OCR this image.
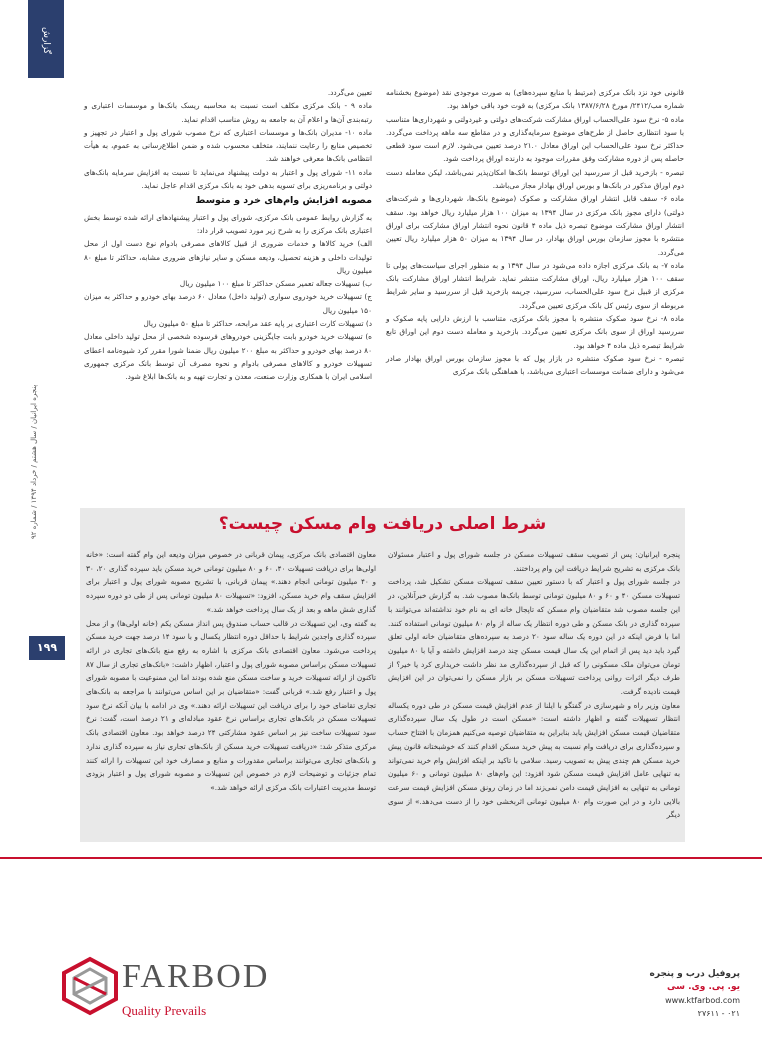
گزارش
پنجره ایرانیان / سال هشتم / خرداد ۱۳۹۴ / شماره ۹۲
۱۹۹

قانونی خود نزد بانک مرکزی (مرتبط با منابع سپرده‌های) به صورت موجودی نقد (موضوع بخشنامه شماره مب/۲۴۱۲/ مورخ ۱۳۸۷/۶/۲۸ بانک مرکزی) به قوت خود باقی خواهد بود.

ماده ۵- نرخ سود علی‌الحساب اوراق مشارکت شرکت‌های دولتی و غیردولتی و شهرداری‌ها متناسب با سود انتظاری حاصل از طرح‌های موضوع سرمایه‌گذاری و در مقاطع سه ماهه پرداخت می‌گردد. حداکثر نرخ سود علی‌الحساب این اوراق معادل ۲۱.۰ درصد تعیین می‌شود. لازم است سود قطعی حاصله پس از دوره مشارکت وفق مقررات موجود به دارنده اوراق پرداخت شود.

تبصره - بازخرید قبل از سررسید این اوراق توسط بانک‌ها امکان‌پذیر نمی‌باشد، لیکن معامله دست دوم اوراق مذکور در بانک‌ها و بورس اوراق بهادار مجاز می‌باشد.

ماده ۶- سقف قابل انتشار اوراق مشارکت و صکوک (موضوع بانک‌ها، شهرداری‌ها و شرکت‌های دولتی) دارای مجوز بانک مرکزی در سال ۱۳۹۴ به میزان ۱۰۰ هزار میلیارد ریال خواهد بود. سقف انتشار اوراق مشارکت موضوع تبصره ذیل ماده ۴ قانون نحوه انتشار اوراق مشارکت برای اوراق منتشره با مجوز سازمان بورس اوراق بهادار، در سال ۱۳۹۴ به میزان ۵۰ هزار میلیارد ریال تعیین می‌گردد.

ماده ۷- به بانک مرکزی اجازه داده می‌شود در سال ۱۳۹۴ و به منظور اجرای سیاست‌های پولی تا سقف ۱۰۰ هزار میلیارد ریال، اوراق مشارکت منتشر نماید. شرایط انتشار اوراق مشارکت بانک مرکزی از قبیل نرخ سود علی‌الحساب، سررسید، جریمه بازخرید قبل از سررسید و سایر شرایط مربوطه از سوی رئیس کل بانک مرکزی تعیین می‌گردد.

ماده ۸- نرخ سود صکوک منتشره با مجوز بانک مرکزی، متناسب با ارزش دارایی پایه صکوک و سررسید اوراق از سوی بانک مرکزی تعیین می‌گردد. بازخرید و معامله دست دوم این اوراق تابع شرایط تبصره ذیل ماده ۴ خواهد بود.

تبصره - نرخ سود صکوک منتشره در بازار پول که با مجوز سازمان بورس اوراق بهادار صادر می‌شود و دارای ضمانت موسسات اعتباری می‌باشد، با هماهنگی بانک مرکزی

تعیین می‌گردد.

ماده ۹ - بانک مرکزی مکلف است نسبت به محاسبه ریسک بانک‌ها و موسسات اعتباری و رتبه‌بندی آن‌ها و اعلام آن به جامعه به روش مناسب اقدام نماید.

ماده ۱۰- مدیران بانک‌ها و موسسات اعتباری که نرخ مصوب شورای پول و اعتبار در تجهیز و تخصیص منابع را رعایت ننمایند، متخلف محسوب شده و ضمن اطلاع‌رسانی به عموم، به هیأت انتظامی بانک‌ها معرفی خواهند شد.

ماده ۱۱- شورای پول و اعتبار به دولت پیشنهاد می‌نماید تا نسبت به افزایش سرمایه بانک‌های دولتی و برنامه‌ریزی برای تسویه بدهی خود به بانک مرکزی اقدام عاجل نماید.

مصوبه افزایش وام‌های خرد و متوسط

به گزارش روابط عمومی بانک مرکزی، شورای پول و اعتبار پیشنهادهای ارائه شده توسط بخش اعتباری بانک مرکزی را به شرح زیر مورد تصویب قرار داد:

الف) خرید کالاها و خدمات ضروری از قبیل کالاهای مصرفی بادوام نوع دست اول از محل تولیدات داخلی و هزینه تحصیل، ودیعه مسکن و سایر نیازهای ضروری مشابه، حداکثر تا مبلغ ۸۰ میلیون ریال

ب) تسهیلات جعاله تعمیر مسکن حداکثر تا مبلغ ۱۰۰ میلیون ریال

ج) تسهیلات خرید خودروی سواری (تولید داخل) معادل ۶۰ درصد بهای خودرو و حداکثر به میزان ۱۵۰ میلیون ریال

د) تسهیلات کارت اعتباری بر پایه عقد مرابحه، حداکثر تا مبلغ ۵۰ میلیون ریال

ه) تسهیلات خرید خودرو بابت جایگزینی خودروهای فرسوده شخصی از محل تولید داخلی معادل ۸۰ درصد بهای خودرو و حداکثر به مبلغ ۲۰۰ میلیون ریال ضمنا شورا مقرر کرد شیوه‌نامه اعطای تسهیلات خودرو و کالاهای مصرفی بادوام و نحوه مصرف آن توسط بانک مرکزی جمهوری اسلامی ایران با همکاری وزارت صنعت، معدن و تجارت تهیه و به بانک‌ها ابلاغ شود.

شرط اصلی دریافت وام مسکن چیست؟

پنجره ایرانیان: پس از تصویب سقف تسهیلات مسکن در جلسه شورای پول و اعتبار مسئولان بانک مرکزی به تشریح شرایط دریافت این وام پرداختند.

در جلسه شورای پول و اعتبار که با دستور تعیین سقف تسهیلات مسکن تشکیل شد، پرداخت تسهیلات مسکن ۴۰ و ۶۰ و ۸۰ میلیون تومانی توسط بانک‌ها مصوب شد. به گزارش خبرآنلاین، در این جلسه مصوب شد متقاضیان وام مسکن که تاپجال خانه ای به نام خود نداشته‌اند می‌توانند با سپرده گذاری در بانک مسکن و طی دوره انتظار یک ساله از وام ۸۰ میلیون تومانی استفاده کنند. اما با فرض اینکه در این دوره یک ساله سود ۲۰ درصد به سپرده‌های متقاضیان خانه اولی تعلق گیرد باید دید پس از اتمام این یک سال قیمت مسکن چند درصد افزایش داشته و آیا با ۸۰ میلیون تومان می‌توان ملک مسکونی را که قبل از سپرده‌گذاری مد نظر داشت خریداری کرد یا خیر؟ از طرف دیگر اثرات روانی پرداخت تسهیلات مسکن بر بازار مسکن را نمی‌توان در این افزایش قیمت نادیده گرفت.

معاون وزیر راه و شهرسازی در گفتگو با ایلنا از عدم افزایش قیمت مسکن در طی دوره یکساله انتظار تسهیلات گفته و اظهار داشته است: «مسکن است در طول یک سال سپرده‌گذاری متقاضیان قیمت مسکن افزایش یابد بنابراین به متقاضیان توصیه می‌کنیم همزمان با افتتاح حساب و سپرده‌گذاری برای دریافت وام نسبت به پیش خرید مسکن اقدام کنند که خوشبختانه قانون پیش خرید مسکن هم چندی پیش به تصویب رسید. سلامی با تاکید بر اینکه افزایش وام خرید نمی‌تواند به تنهایی عامل افزایش قیمت مسکن شود افزود: این وام‌های ۸۰ میلیون تومانی و ۶۰ میلیون تومانی به تنهایی به افزایش قیمت دامن نمی‌زند اما در زمان رونق مسکن افزایش قیمت سرعت بالایی دارد و در این صورت وام ۸۰ میلیون تومانی اثربخشی خود را از دست می‌دهد.» از سوی دیگر

معاون اقتصادی بانک مرکزی، پیمان قربانی در خصوص میزان ودیعه این وام گفته است: «خانه اولی‌ها برای دریافت تسهیلات ۴۰، ۶۰ و ۸۰ میلیون تومانی خرید مسکن باید سپرده گذاری ۲۰، ۳۰ و ۴۰ میلیون تومانی انجام دهند.» پیمان قربانی، با تشریح مصوبه شورای پول و اعتبار برای افزایش سقف وام خرید مسکن، افزود: «تسهیلات ۸۰ میلیون تومانی پس از طی دو دوره سپرده گذاری شش ماهه و بعد از یک سال پرداخت خواهد شد.»

به گفته وی، این تسهیلات در قالب حساب صندوق پس انداز مسکن یکم (خانه اولی‌ها) و از محل سپرده گذاری واجدین شرایط با حداقل دوره انتظار یکسال و با سود ۱۴ درصد جهت خرید مسکن پرداخت می‌شود. معاون اقتصادی بانک مرکزی با اشاره به رفع منع بانک‌های تجاری در ارائه تسهیلات مسکن براساس مصوبه شورای پول و اعتبار، اظهار داشت: «بانک‌های تجاری از سال ۸۷ تاکنون از ارائه تسهیلات خرید و ساخت مسکن منع شده بودند اما این ممنوعیت با مصوبه شورای پول و اعتبار رفع شد.» قربانی گفت: «متقاضیان بر این اساس می‌توانند با مراجعه به بانک‌های تجاری تقاضای خود را برای دریافت این تسهیلات ارائه دهند.» وی در ادامه با بیان آنکه نرخ سود تسهیلات مسکن در بانک‌های تجاری براساس نرخ عقود مبادله‌ای و ۲۱ درصد است، گفت: نرخ سود تسهیلات ساخت نیز بر اساس عقود مشارکتی ۲۴ درصد خواهد بود. معاون اقتصادی بانک مرکزی متذکر شد: «دریافت تسهیلات خرید مسکن از بانک‌های تجاری نیاز به سپرده گذاری ندارد و بانک‌های تجاری می‌توانند براساس مقدورات و منابع و مصارف خود این تسهیلات را ارائه کنند تمام جزئیات و توضیحات لازم در خصوص این تسهیلات و مصوبه شورای پول و اعتبار بزودی توسط مدیریت اعتبارات بانک مرکزی ارائه خواهد شد.»

FARBOD
Quality Prevails
پروفیل درب و پنجره
یو. پی. وی. سی
www.ktfarbod.com
۰۲۱ - ۲۷۶۱۱
